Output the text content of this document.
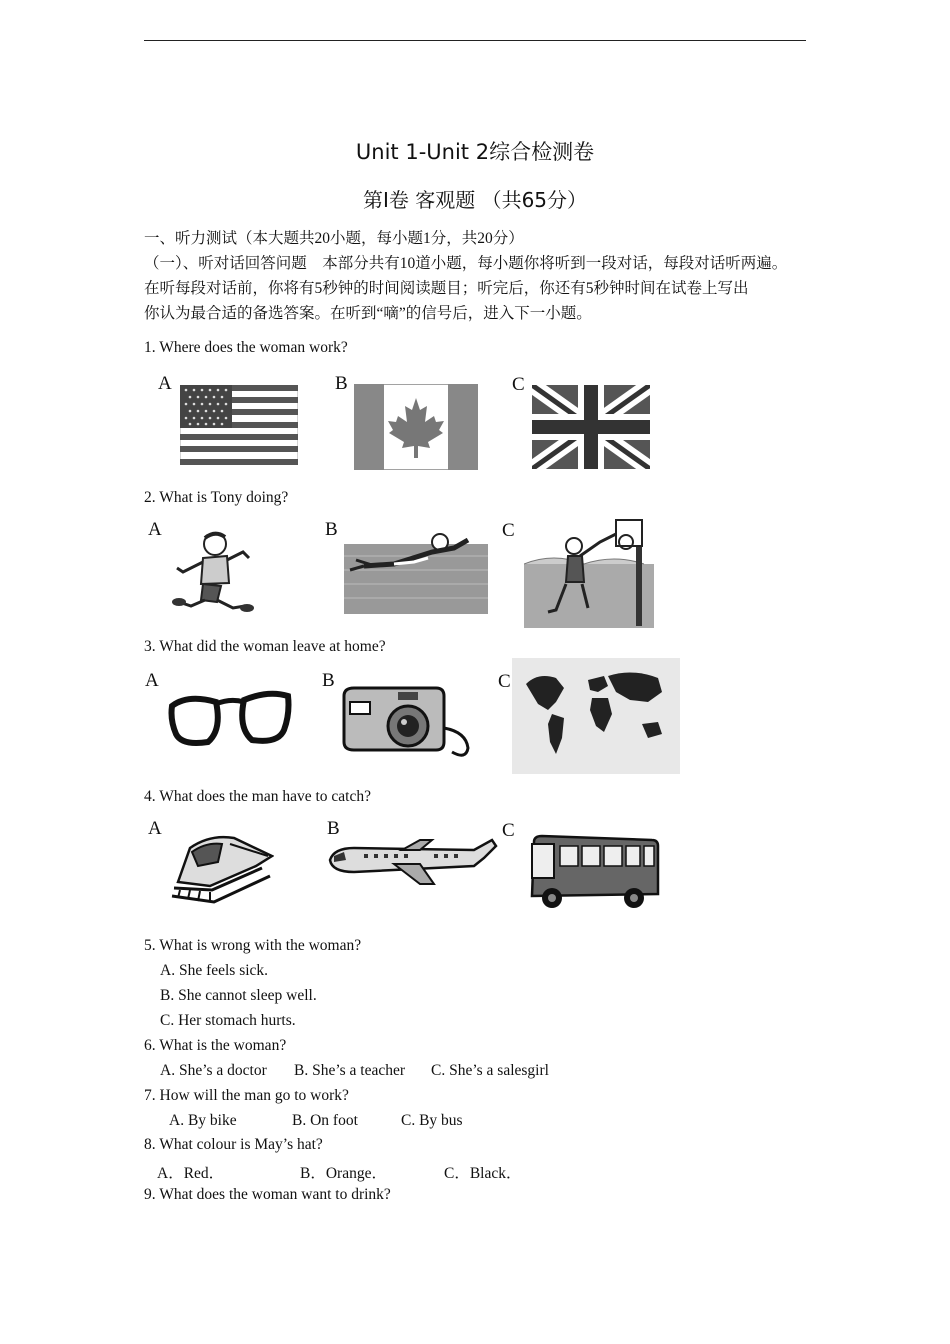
Unit 1-Unit 2综合检测卷
第Ⅰ卷 客观题 （共65分）
一、听力测试（本大题共20小题，每小题1分，共20分）
（一）、听对话回答问题　本部分共有10道小题，每小题你将听到一段对话，每段对话听两遍。
在听每段对话前，你将有5秒钟的时间阅读题目；听完后，你还有5秒钟时间在试卷上写出
你认为最合适的备选答案。在听到“嘀”的信号后，进入下一小题。
1. Where does the woman work?
A	B	C
2. What is Tony doing?
A	B	C
3. What did the woman leave at home?
A	B	C
4. What does the man have to catch?
A	B	C
5. What is wrong with the woman?
A. She feels sick.
B. She cannot sleep well.
C. Her stomach hurts.
6. What is the woman?
A. She’s a doctor B. She’s a teacher C. She’s a salesgirl
7. How will the man go to work?
A. By bike	B. On foot	C. By bus
8. What colour is May’s hat?
A．Red．	B．Orange．	C．Black．
9. What does the woman want to drink?
